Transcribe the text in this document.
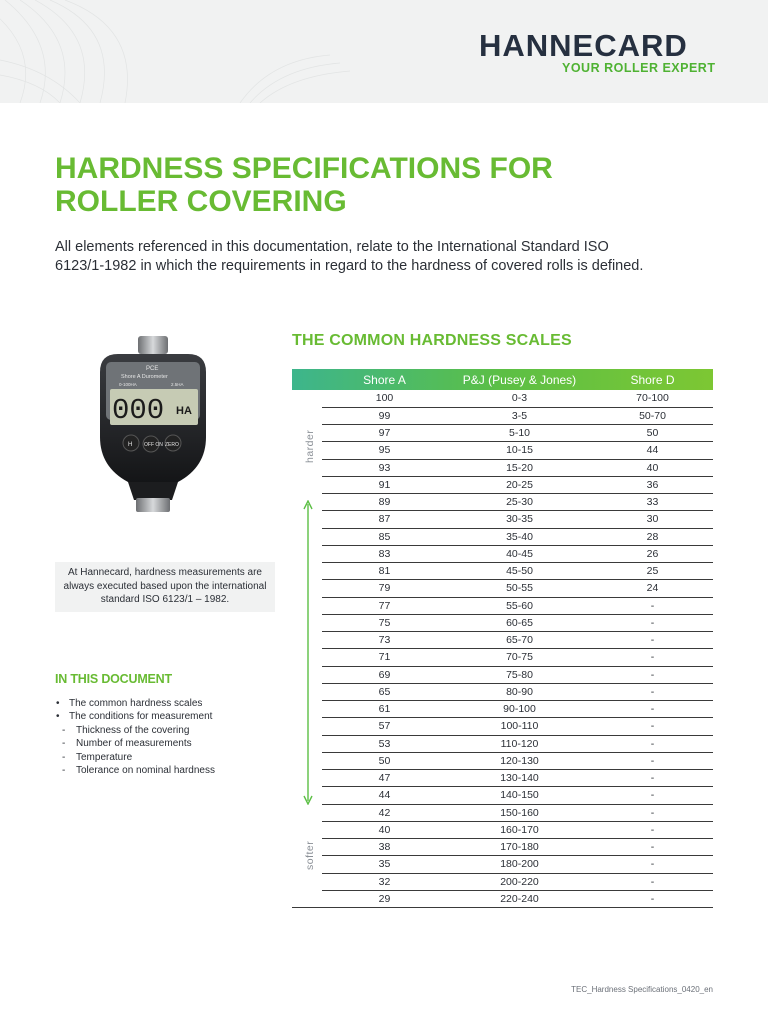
HANNECARD
YOUR ROLLER EXPERT
HARDNESS SPECIFICATIONS FOR ROLLER COVERING

All elements referenced in this documentation, relate to the International Standard ISO 6123/1-1982 in which the requirements in regard to the hardness of covered rolls is defined.

PCE
Shore A Durometer
0-100HA	2.5HA
000 HA
H OFF ON ZERO
At Hannecard, hardness measurements are always executed based upon the international standard ISO 6123/1 – 1982.
IN THIS DOCUMENT
• The common hardness scales
• The conditions for measurement
- Thickness of the covering
- Number of measurements
- Temperature
- Tolerance on nominal hardness
THE COMMON HARDNESS SCALES
	Shore A	P&J (Pusey & Jones)	Shore D
	100	0-3	70-100
	99	3-5	50-70
	97	5-10	50
	95	10-15	44
	93	15-20	40
	91	20-25	36
	89	25-30	33
	87	30-35	30
	85	35-40	28
	83	40-45	26
	81	45-50	25
	79	50-55	24
	77	55-60	-
	75	60-65	-
	73	65-70	-
	71	70-75	-
	69	75-80	-
	65	80-90	-
	61	90-100	-
	57	100-110	-
	53	110-120	-
	50	120-130	-
	47	130-140	-
	44	140-150	-
	42	150-160	-
	40	160-170	-
	38	170-180	-
	35	180-200	-
	32	200-220	-
	29	220-240	-
harder
softer
TEC_Hardness Specifications_0420_en
